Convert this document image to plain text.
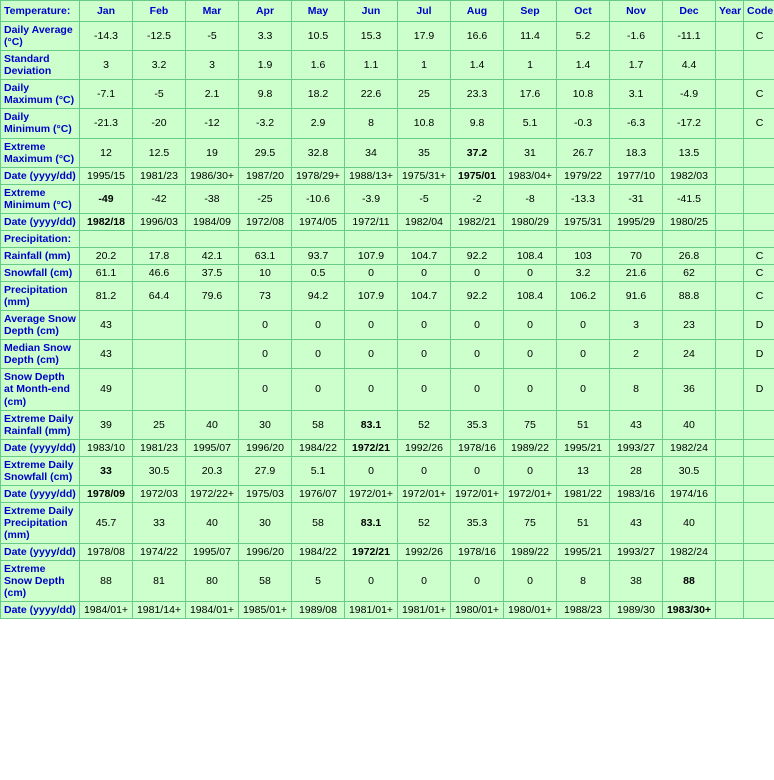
Temperature:	Jan	Feb	Mar	Apr	May	Jun	Jul	Aug	Sep	Oct	Nov	Dec	Year	Code
Daily Average (°C)	-14.3	-12.5	-5	3.3	10.5	15.3	17.9	16.6	11.4	5.2	-1.6	-11.1		C
Standard Deviation	3	3.2	3	1.9	1.6	1.1	1	1.4	1	1.4	1.7	4.4		
Daily Maximum (°C)	-7.1	-5	2.1	9.8	18.2	22.6	25	23.3	17.6	10.8	3.1	-4.9		C
Daily Minimum (°C)	-21.3	-20	-12	-3.2	2.9	8	10.8	9.8	5.1	-0.3	-6.3	-17.2		C
Extreme Maximum (°C)	12	12.5	19	29.5	32.8	34	35	37.2	31	26.7	18.3	13.5		
Date (yyyy/dd)	1995/15	1981/23	1986/30+	1987/20	1978/29+	1988/13+	1975/31+	1975/01	1983/04+	1979/22	1977/10	1982/03		
Extreme Minimum (°C)	-49	-42	-38	-25	-10.6	-3.9	-5	-2	-8	-13.3	-31	-41.5		
Date (yyyy/dd)	1982/18	1996/03	1984/09	1972/08	1974/05	1972/11	1982/04	1982/21	1980/29	1975/31	1995/29	1980/25		
Precipitation:														
Rainfall (mm)	20.2	17.8	42.1	63.1	93.7	107.9	104.7	92.2	108.4	103	70	26.8		C
Snowfall (cm)	61.1	46.6	37.5	10	0.5	0	0	0	0	3.2	21.6	62		C
Precipitation (mm)	81.2	64.4	79.6	73	94.2	107.9	104.7	92.2	108.4	106.2	91.6	88.8		C
Average Snow Depth (cm)	43			0	0	0	0	0	0	0	3	23		D
Median Snow Depth (cm)	43			0	0	0	0	0	0	0	2	24		D
Snow Depth at Month-end (cm)	49			0	0	0	0	0	0	0	8	36		D
Extreme Daily Rainfall (mm)	39	25	40	30	58	83.1	52	35.3	75	51	43	40		
Date (yyyy/dd)	1983/10	1981/23	1995/07	1996/20	1984/22	1972/21	1992/26	1978/16	1989/22	1995/21	1993/27	1982/24		
Extreme Daily Snowfall (cm)	33	30.5	20.3	27.9	5.1	0	0	0	0	13	28	30.5		
Date (yyyy/dd)	1978/09	1972/03	1972/22+	1975/03	1976/07	1972/01+	1972/01+	1972/01+	1972/01+	1981/22	1983/16	1974/16		
Extreme Daily Precipitation (mm)	45.7	33	40	30	58	83.1	52	35.3	75	51	43	40		
Date (yyyy/dd)	1978/08	1974/22	1995/07	1996/20	1984/22	1972/21	1992/26	1978/16	1989/22	1995/21	1993/27	1982/24		
Extreme Snow Depth (cm)	88	81	80	58	5	0	0	0	0	8	38	88		
Date (yyyy/dd)	1984/01+	1981/14+	1984/01+	1985/01+	1989/08	1981/01+	1981/01+	1980/01+	1980/01+	1988/23	1989/30	1983/30+		
